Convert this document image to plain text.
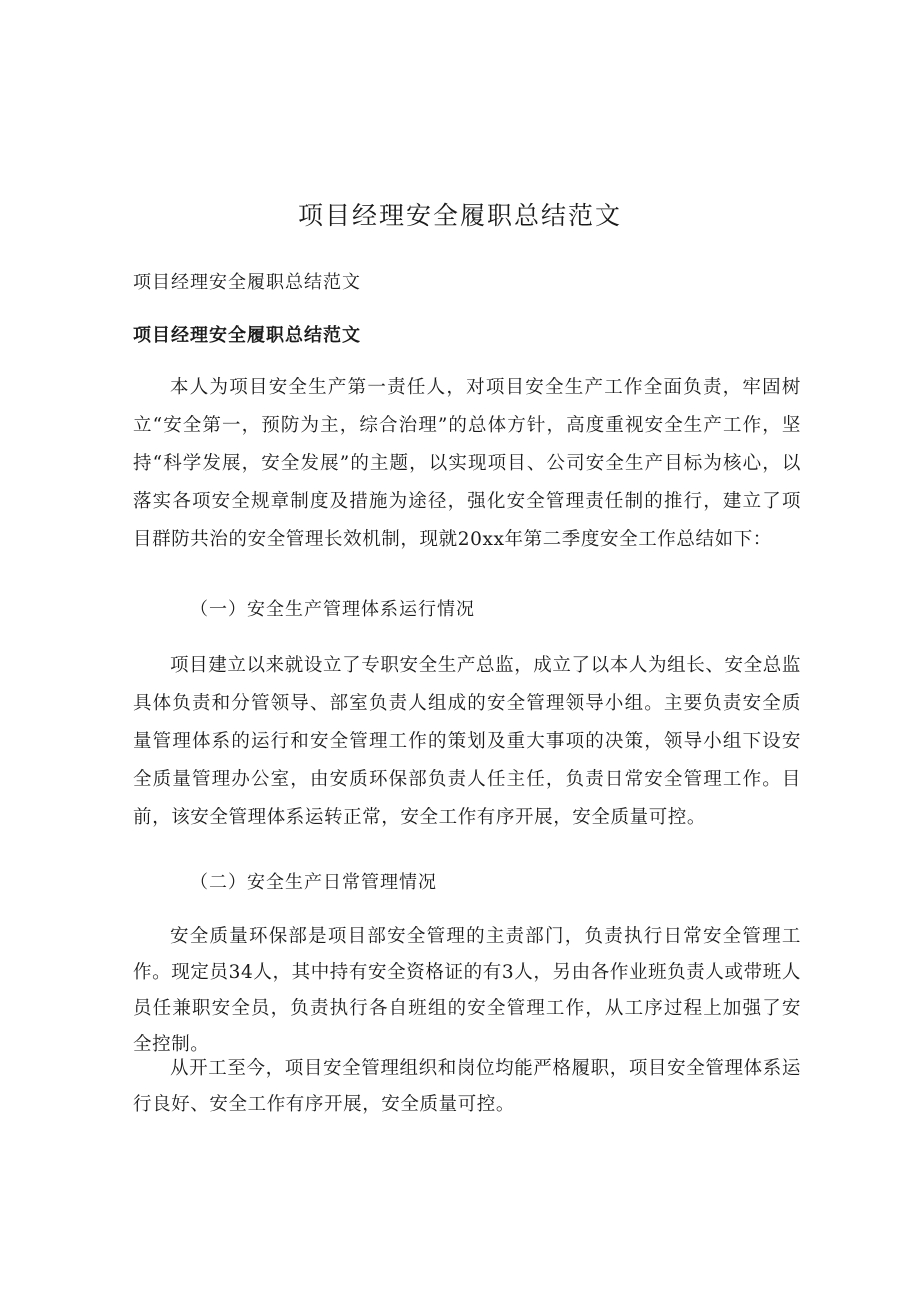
项目经理安全履职总结范文

项目经理安全履职总结范文

项目经理安全履职总结范文

本人为项目安全生产第一责任人，对项目安全生产工作全面负责，牢固树立“安全第一，预防为主，综合治理”的总体方针，高度重视安全生产工作，坚持“科学发展，安全发展”的主题，以实现项目、公司安全生产目标为核心，以落实各项安全规章制度及措施为途径，强化安全管理责任制的推行，建立了项目群防共治的安全管理长效机制，现就20xx年第二季度安全工作总结如下：

（一）安全生产管理体系运行情况

项目建立以来就设立了专职安全生产总监，成立了以本人为组长、安全总监具体负责和分管领导、部室负责人组成的安全管理领导小组。主要负责安全质量管理体系的运行和安全管理工作的策划及重大事项的决策，领导小组下设安全质量管理办公室，由安质环保部负责人任主任，负责日常安全管理工作。目前，该安全管理体系运转正常，安全工作有序开展，安全质量可控。

（二）安全生产日常管理情况

安全质量环保部是项目部安全管理的主责部门，负责执行日常安全管理工作。现定员34人，其中持有安全资格证的有3人，另由各作业班负责人或带班人员任兼职安全员，负责执行各自班组的安全管理工作，从工序过程上加强了安全控制。

从开工至今，项目安全管理组织和岗位均能严格履职，项目安全管理体系运行良好、安全工作有序开展，安全质量可控。
